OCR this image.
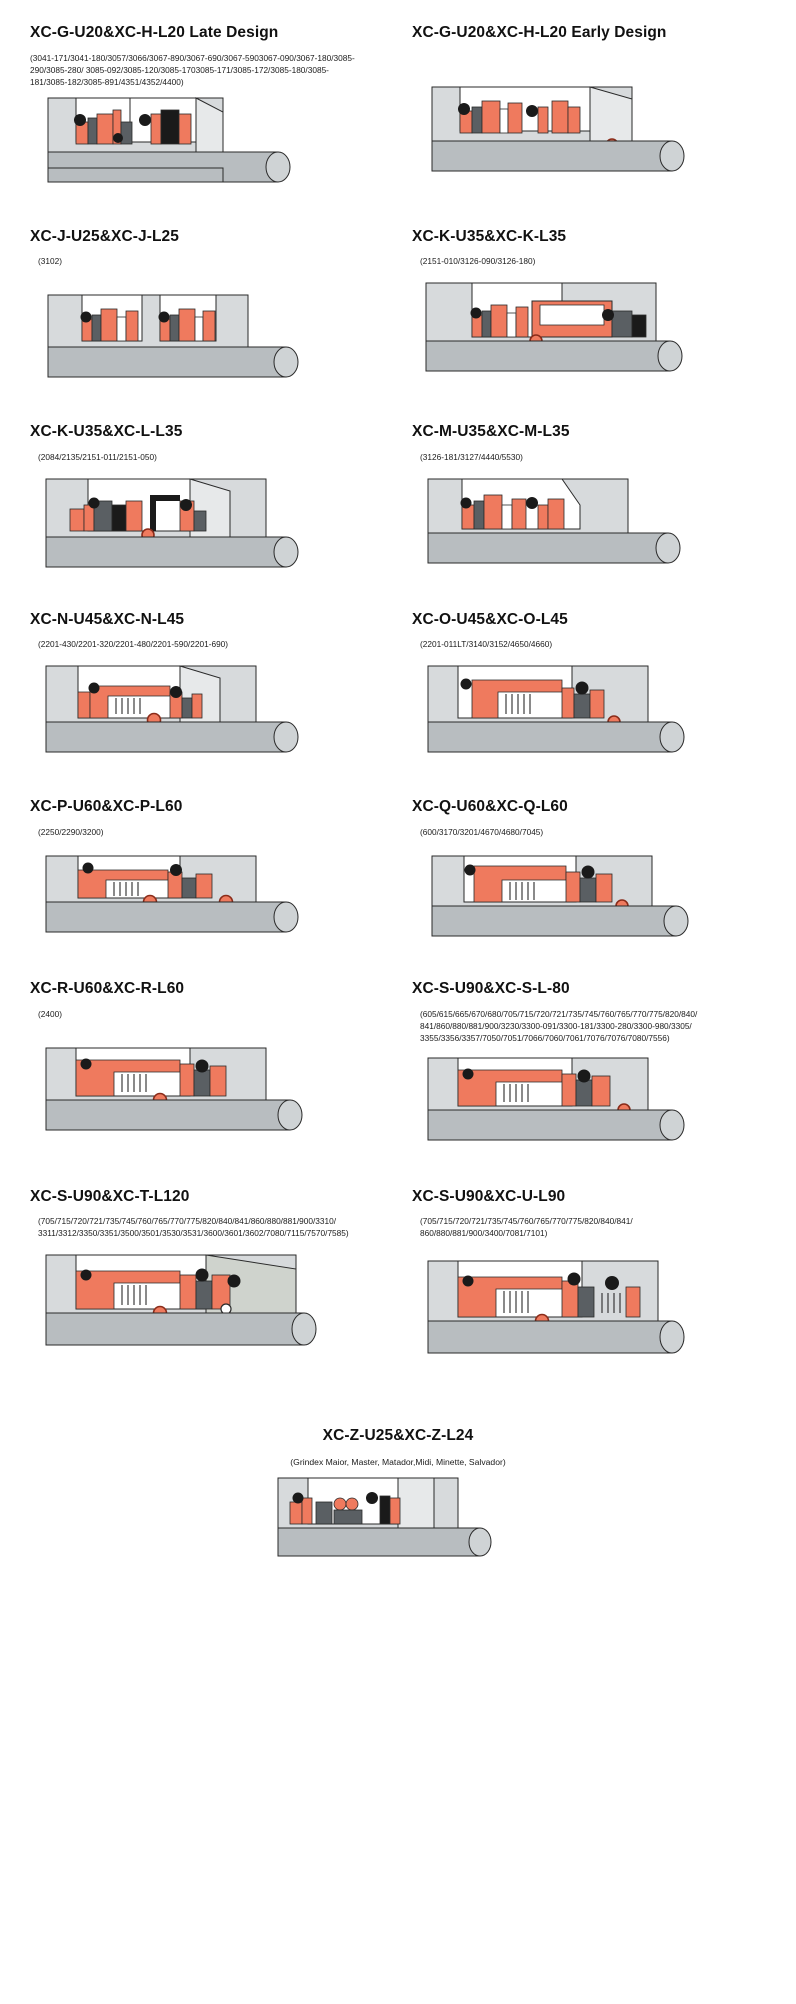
XC-G-U20&XC-H-L20 Late Design
(3041-171/3041-180/3057/3066/3067-890/3067-690/3067-5903067-090/3067-180/3085-290/3085-280/ 3085-092/3085-120/3085-1703085-171/3085-172/3085-180/3085-181/3085-182/3085-891/4351/4352/4400)
XC-G-U20&XC-H-L20 Early Design
XC-J-U25&XC-J-L25
(3102)
XC-K-U35&XC-K-L35
(2151-010/3126-090/3126-180)
XC-K-U35&XC-L-L35
(2084/2135/2151-011/2151-050)
XC-M-U35&XC-M-L35
(3126-181/3127/4440/5530)
XC-N-U45&XC-N-L45
(2201-430/2201-320/2201-480/2201-590/2201-690)
XC-O-U45&XC-O-L45
(2201-011LT/3140/3152/4650/4660)
XC-P-U60&XC-P-L60
(2250/2290/3200)
XC-Q-U60&XC-Q-L60
(600/3170/3201/4670/4680/7045)
XC-R-U60&XC-R-L60
(2400)
XC-S-U90&XC-S-L-80
(605/615/665/670/680/705/715/720/721/735/745/760/765/770/775/820/840/ 841/860/880/881/900/3230/3300-091/3300-181/3300-280/3300-980/3305/ 3355/3356/3357/7050/7051/7066/7060/7061/7076/7076/7080/7556)
XC-S-U90&XC-T-L120
(705/715/720/721/735/745/760/765/770/775/820/840/841/860/880/881/900/3310/ 3311/3312/3350/3351/3500/3501/3530/3531/3600/3601/3602/7080/7115/7570/7585)
XC-S-U90&XC-U-L90
(705/715/720/721/735/745/760/765/770/775/820/840/841/ 860/880/881/900/3400/7081/7101)
XC-Z-U25&XC-Z-L24
(Grindex Maior, Master, Matador,Midi, Minette, Salvador)
